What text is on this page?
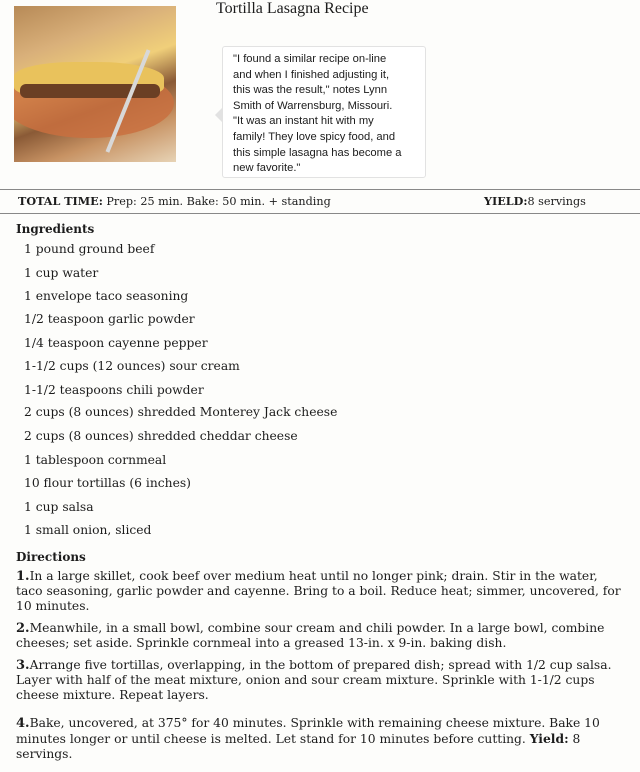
Tortilla Lasagna Recipe
"I found a similar recipe on-line
and when I finished adjusting it,
this was the result," notes Lynn
Smith of Warrensburg, Missouri.
"It was an instant hit with my
family! They love spicy food, and
this simple lasagna has become a
new favorite."
TOTAL TIME: Prep: 25 min. Bake: 50 min. + standing	YIELD:8 servings
Ingredients
1 pound ground beef
1 cup water
1 envelope taco seasoning
1/2 teaspoon garlic powder
1/4 teaspoon cayenne pepper
1-1/2 cups (12 ounces) sour cream
1-1/2 teaspoons chili powder
2 cups (8 ounces) shredded Monterey Jack cheese
2 cups (8 ounces) shredded cheddar cheese
1 tablespoon cornmeal
10 flour tortillas (6 inches)
1 cup salsa
1 small onion, sliced
Directions
1.In a large skillet, cook beef over medium heat until no longer pink; drain. Stir in the water, taco seasoning, garlic powder and cayenne. Bring to a boil. Reduce heat; simmer, uncovered, for 10 minutes.
2.Meanwhile, in a small bowl, combine sour cream and chili powder. In a large bowl, combine cheeses; set aside. Sprinkle cornmeal into a greased 13-in. x 9-in. baking dish.
3.Arrange five tortillas, overlapping, in the bottom of prepared dish; spread with 1/2 cup salsa. Layer with half of the meat mixture, onion and sour cream mixture. Sprinkle with 1-1/2 cups cheese mixture. Repeat layers.
4.Bake, uncovered, at 375° for 40 minutes. Sprinkle with remaining cheese mixture. Bake 10 minutes longer or until cheese is melted. Let stand for 10 minutes before cutting. Yield: 8 servings.
